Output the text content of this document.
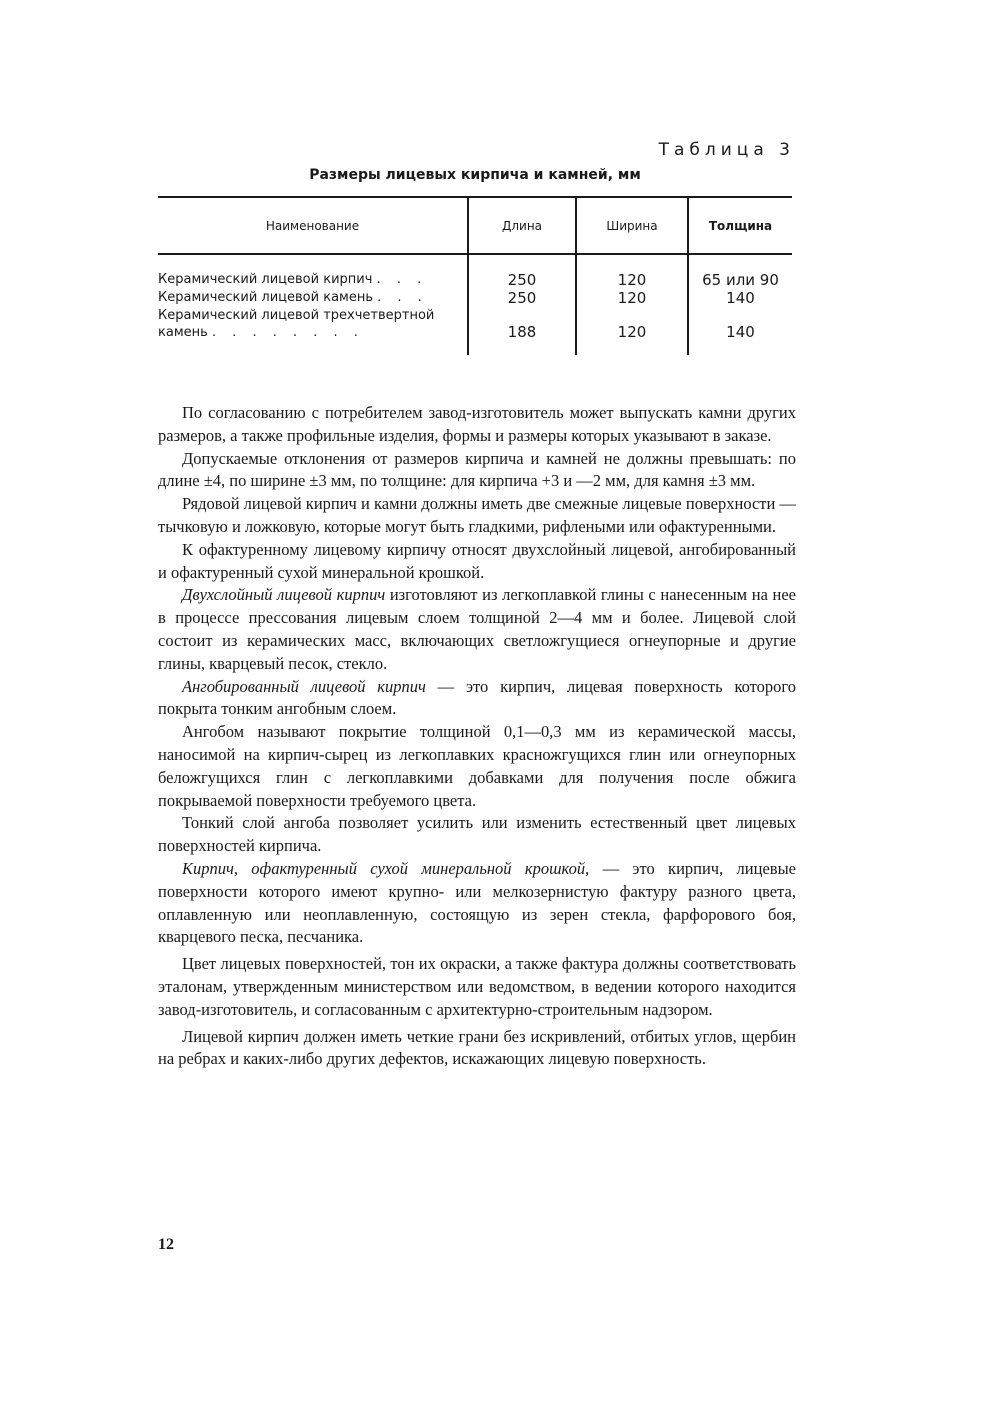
Таблица 3
Размеры лицевых кирпича и камней, мм
Наименование	Длина	Ширина	Толщина
Керамический лицевой кирпич . . .	250	120	65 или 90
Керамический лицевой камень . . .	250	120	140
Керамический лицевой трехчетвертной камень . . . . . . . .	188	120	140

По согласованию с потребителем завод-изготовитель может выпускать камни других размеров, а также профильные изделия, формы и размеры которых указывают в заказе.

Допускаемые отклонения от размеров кирпича и камней не должны превышать: по длине ±4, по ширине ±3 мм, по толщине: для кирпича +3 и —2 мм, для камня ±3 мм.

Рядовой лицевой кирпич и камни должны иметь две смежные лицевые поверхности — тычковую и ложковую, которые могут быть гладкими, рифлеными или офактуренными.

К офактуренному лицевому кирпичу относят двухслойный лицевой, ангобированный и офактуренный сухой минеральной крошкой.

Двухслойный лицевой кирпич изготовляют из легкоплавкой глины с нанесенным на нее в процессе прессования лицевым слоем толщиной 2—4 мм и более. Лицевой слой состоит из керамических масс, включающих светложгущиеся огнеупорные и другие глины, кварцевый песок, стекло.

Ангобированный лицевой кирпич — это кирпич, лицевая поверхность которого покрыта тонким ангобным слоем.

Ангобом называют покрытие толщиной 0,1—0,3 мм из керамической массы, наносимой на кирпич-сырец из легкоплавких красножгущихся глин или огнеупорных беложгущихся глин с легкоплавкими добавками для получения после обжига покрываемой поверхности требуемого цвета.

Тонкий слой ангоба позволяет усилить или изменить естественный цвет лицевых поверхностей кирпича.

Кирпич, офактуренный сухой минеральной крошкой, — это кирпич, лицевые поверхности которого имеют крупно- или мелкозернистую фактуру разного цвета, оплавленную или неоплавленную, состоящую из зерен стекла, фарфорового боя, кварцевого песка, песчаника.

Цвет лицевых поверхностей, тон их окраски, а также фактура должны соответствовать эталонам, утвержденным министерством или ведомством, в ведении которого находится завод-изготовитель, и согласованным с архитектурно-строительным надзором.

Лицевой кирпич должен иметь четкие грани без искривлений, отбитых углов, щербин на ребрах и каких-либо других дефектов, искажающих лицевую поверхность.

12
